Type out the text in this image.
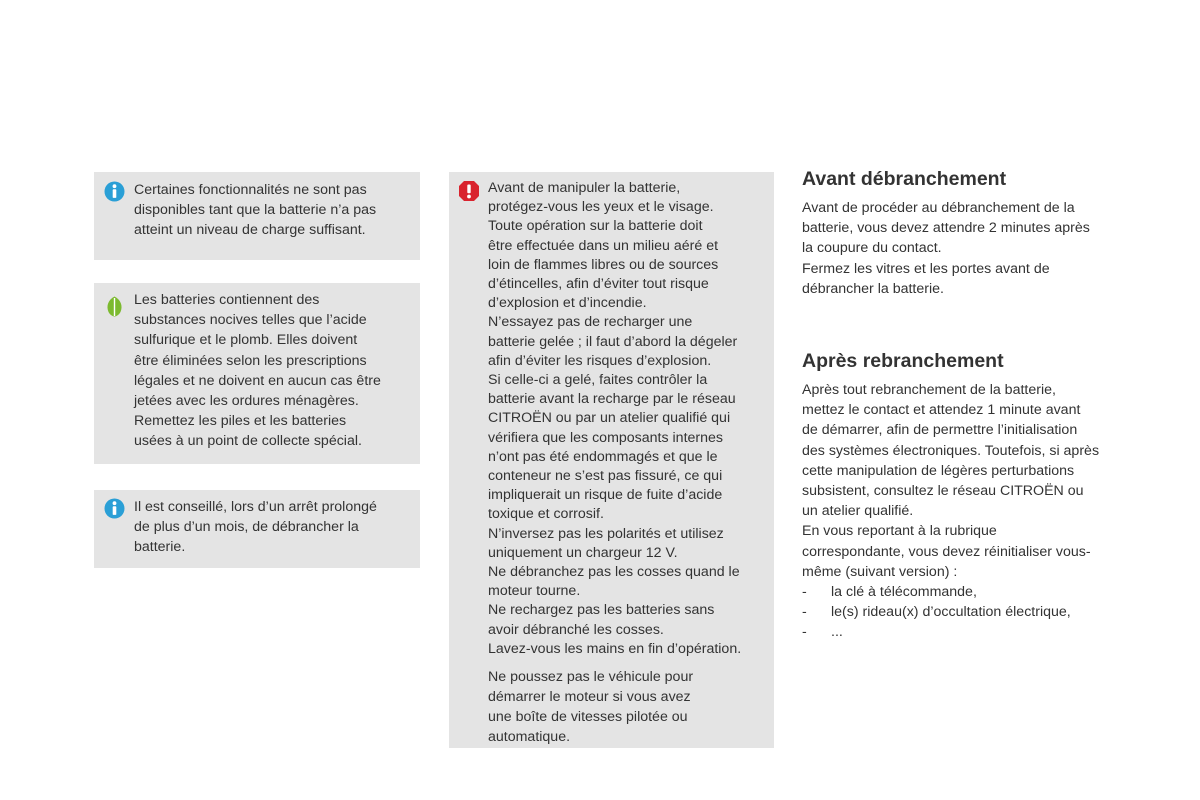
Certaines fonctionnalités ne sont pas
disponibles tant que la batterie n’a pas
atteint un niveau de charge suffisant.
Les batteries contiennent des
substances nocives telles que l’acide
sulfurique et le plomb. Elles doivent
être éliminées selon les prescriptions
légales et ne doivent en aucun cas être
jetées avec les ordures ménagères.
Remettez les piles et les batteries
usées à un point de collecte spécial.
Il est conseillé, lors d’un arrêt prolongé
de plus d’un mois, de débrancher la
batterie.
Avant de manipuler la batterie,
protégez-vous les yeux et le visage.
Toute opération sur la batterie doit
être effectuée dans un milieu aéré et
loin de flammes libres ou de sources
d’étincelles, afin d’éviter tout risque
d’explosion et d’incendie.
N’essayez pas de recharger une
batterie gelée ; il faut d’abord la dégeler
afin d’éviter les risques d’explosion.
Si celle-ci a gelé, faites contrôler la
batterie avant la recharge par le réseau
CITROËN ou par un atelier qualifié qui
vérifiera que les composants internes
n’ont pas été endommagés et que le
conteneur ne s’est pas fissuré, ce qui
impliquerait un risque de fuite d’acide
toxique et corrosif.
N’inversez pas les polarités et utilisez
uniquement un chargeur 12 V.
Ne débranchez pas les cosses quand le
moteur tourne.
Ne rechargez pas les batteries sans
avoir débranché les cosses.
Lavez-vous les mains en fin d’opération.
Ne poussez pas le véhicule pour
démarrer le moteur si vous avez
une boîte de vitesses pilotée ou
automatique.
Avant débranchement
Avant de procéder au débranchement de la
batterie, vous devez attendre 2 minutes après
la coupure du contact.
Fermez les vitres et les portes avant de
débrancher la batterie.
Après rebranchement
Après tout rebranchement de la batterie,
mettez le contact et attendez 1 minute avant
de démarrer, afin de permettre l’initialisation
des systèmes électroniques. Toutefois, si après
cette manipulation de légères perturbations
subsistent, consultez le réseau CITROËN ou
un atelier qualifié.
En vous reportant à la rubrique
correspondante, vous devez réinitialiser vous-
même (suivant version) :
- la clé à télécommande,
- le(s) rideau(x) d’occultation électrique,
- ...
